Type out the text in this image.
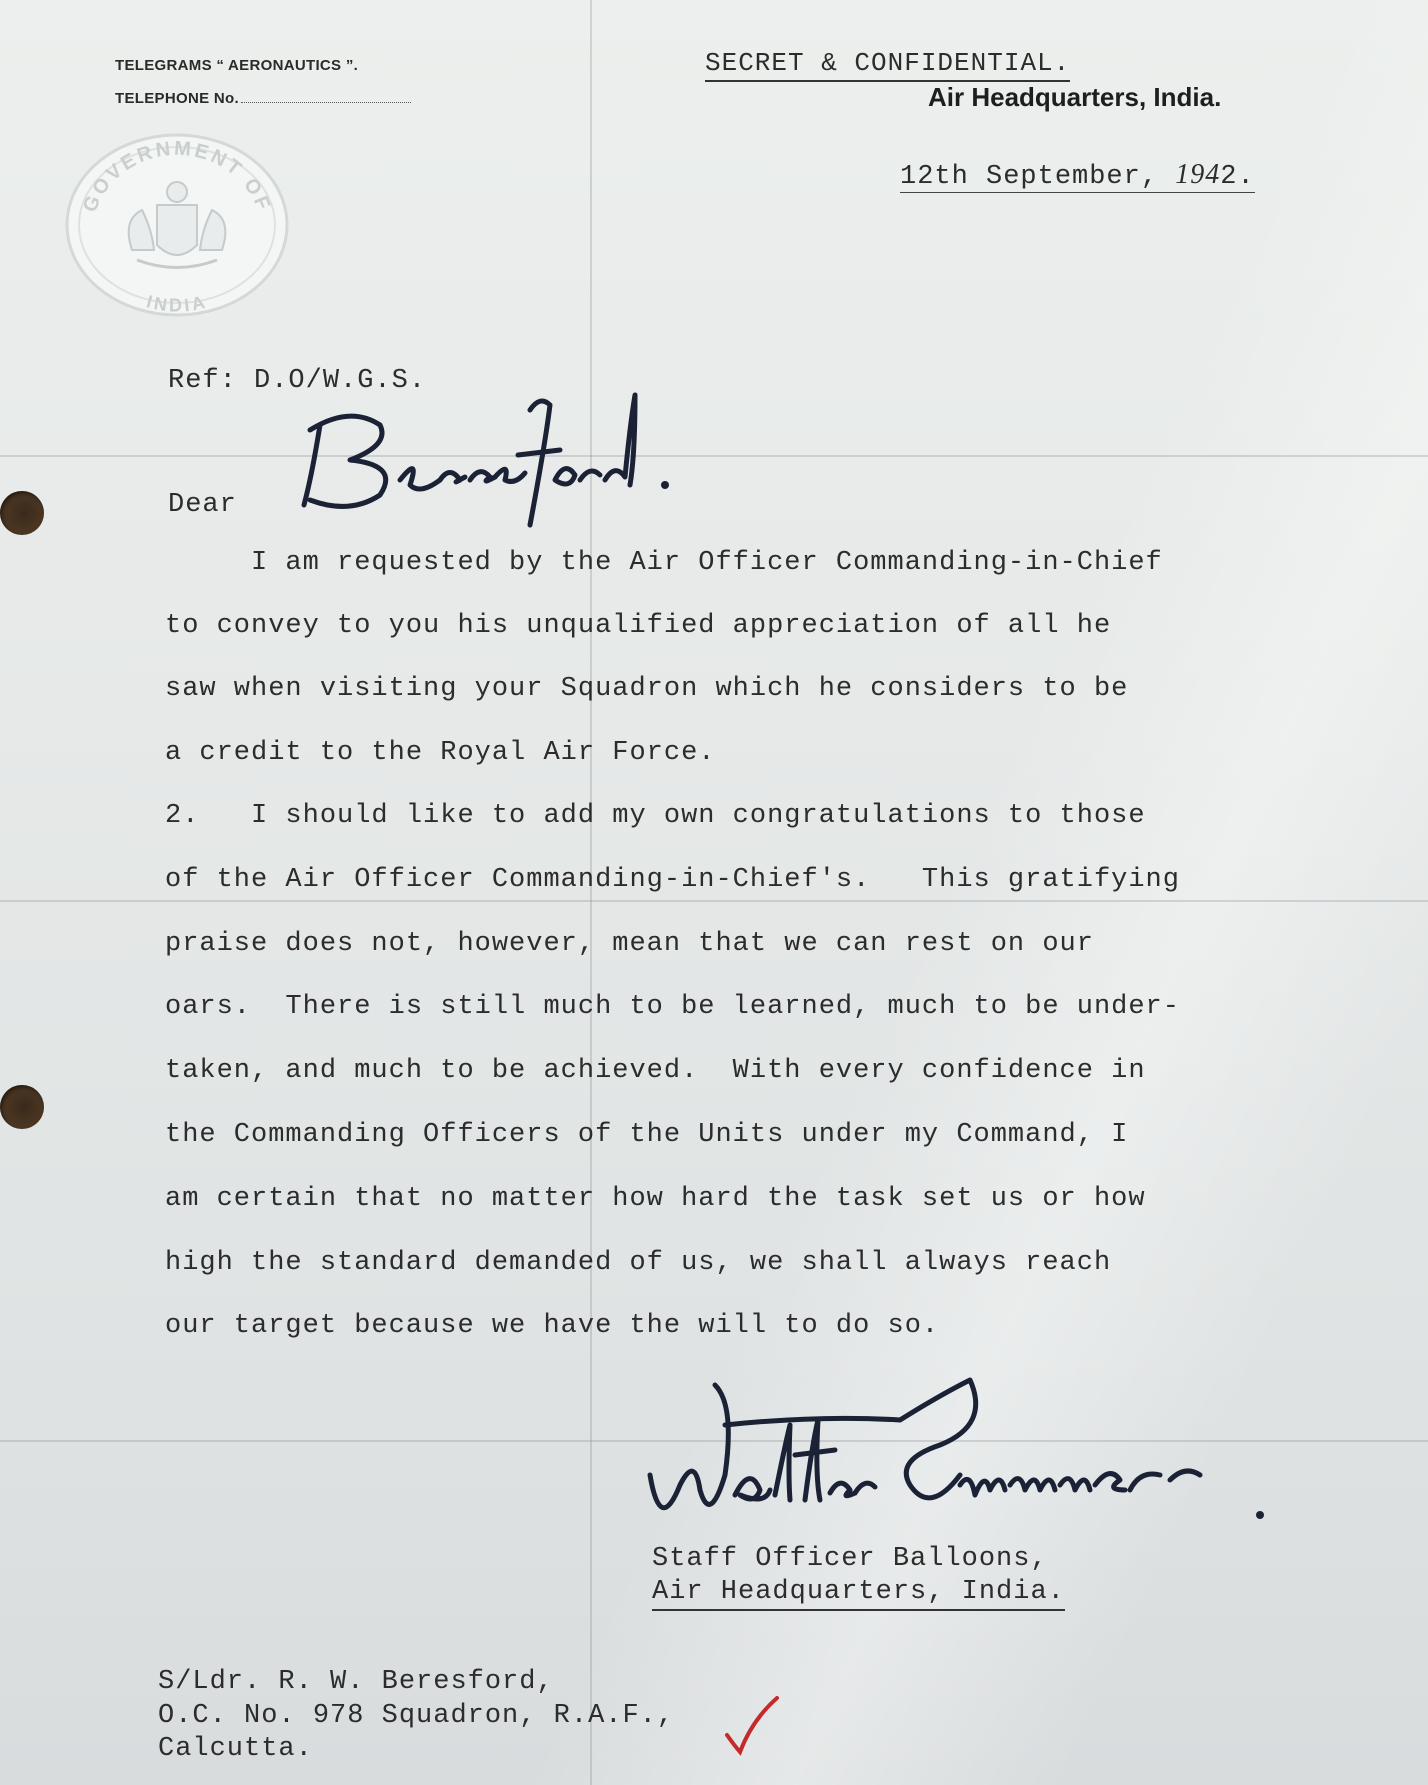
TELEGRAMS “ AERONAUTICS ”.
TELEPHONE No.
GOVERNMENT OF
INDIA
SECRET & CONFIDENTIAL.
Air Headquarters, India.
12th September, 1942.
Ref: D.O/W.G.S.
Dear
I am requested by the Air Officer Commanding-in-Chief
to convey to you his unqualified appreciation of all he
saw when visiting your Squadron which he considers to be
a credit to the Royal Air Force.
2.   I should like to add my own congratulations to those
of the Air Officer Commanding-in-Chief's.   This gratifying
praise does not, however, mean that we can rest on our
oars.  There is still much to be learned, much to be under-
taken, and much to be achieved.  With every confidence in
the Commanding Officers of the Units under my Command, I
am certain that no matter how hard the task set us or how
high the standard demanded of us, we shall always reach
our target because we have the will to do so.
Staff Officer Balloons,
Air Headquarters, India.
S/Ldr. R. W. Beresford,
O.C. No. 978 Squadron, R.A.F.,
Calcutta.
